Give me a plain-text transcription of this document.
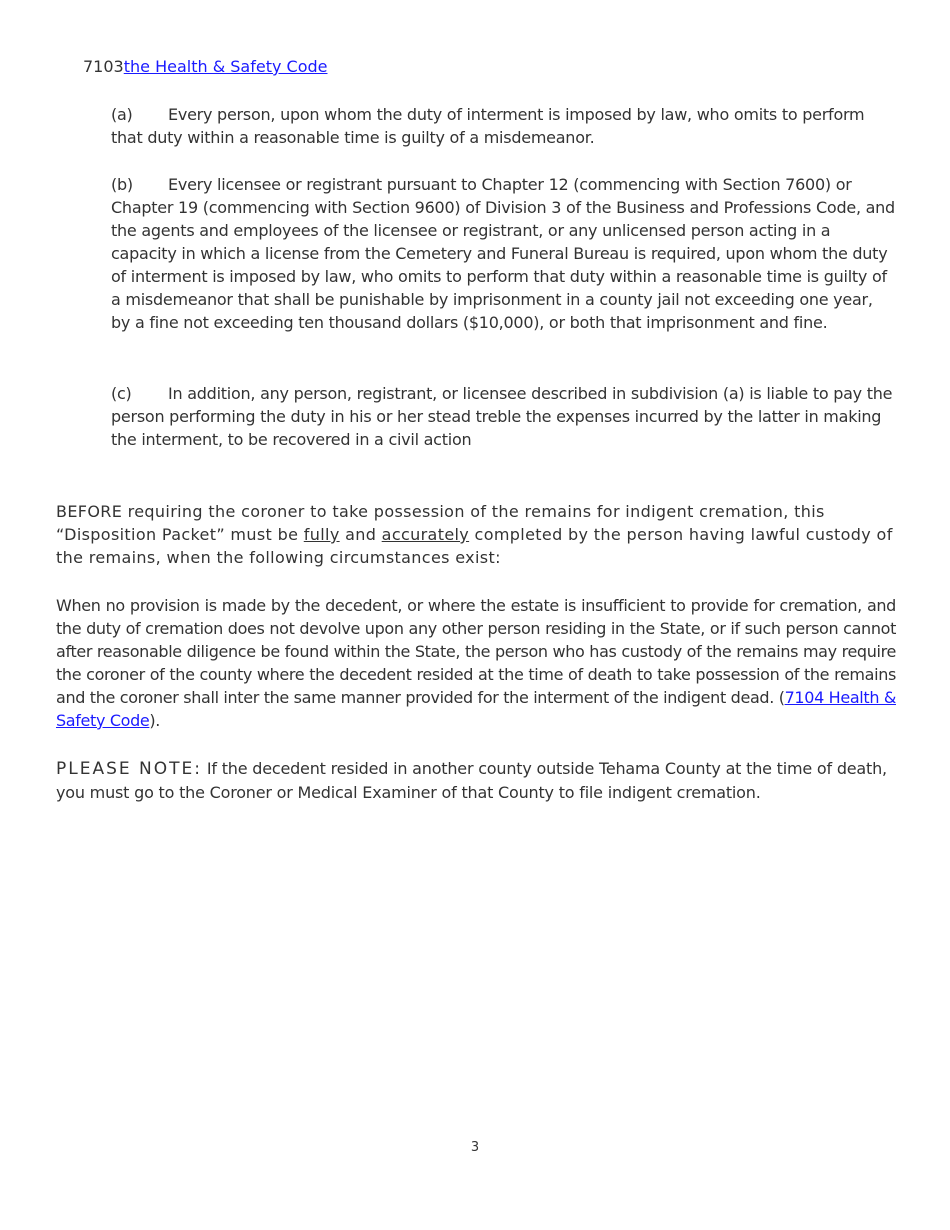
7103the Health & Safety Code
(a) Every person, upon whom the duty of interment is imposed by law, who omits to perform that duty within a reasonable time is guilty of a misdemeanor.
(b) Every licensee or registrant pursuant to Chapter 12 (commencing with Section 7600) or Chapter 19 (commencing with Section 9600) of Division 3 of the Business and Professions Code, and the agents and employees of the licensee or registrant, or any unlicensed person acting in a capacity in which a license from the Cemetery and Funeral Bureau is required, upon whom the duty of interment is imposed by law, who omits to perform that duty within a reasonable time is guilty of a misdemeanor that shall be punishable by imprisonment in a county jail not exceeding one year, by a fine not exceeding ten thousand dollars ($10,000), or both that imprisonment and fine.
(c) In addition, any person, registrant, or licensee described in subdivision (a) is liable to pay the person performing the duty in his or her stead treble the expenses incurred by the latter in making the interment, to be recovered in a civil action
BEFORE requiring the coroner to take possession of the remains for indigent cremation, this “Disposition Packet” must be fully and accurately completed by the person having lawful custody of the remains, when the following circumstances exist:
When no provision is made by the decedent, or where the estate is insufficient to provide for cremation, and the duty of cremation does not devolve upon any other person residing in the State, or if such person cannot after reasonable diligence be found within the State, the person who has custody of the remains may require the coroner of the county where the decedent resided at the time of death to take possession of the remains and the coroner shall inter the same manner provided for the interment of the indigent dead. (7104 Health & Safety Code).
PLEASE NOTE: If the decedent resided in another county outside Tehama County at the time of death, you must go to the Coroner or Medical Examiner of that County to file indigent cremation.
3
